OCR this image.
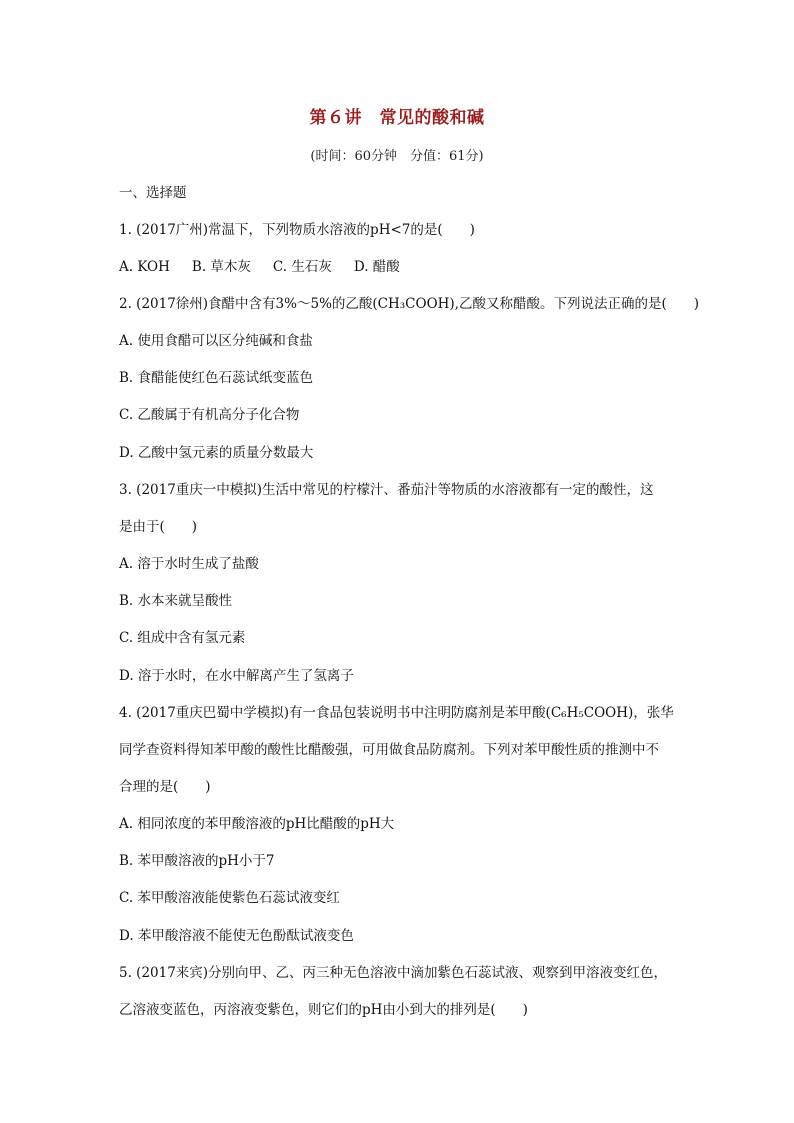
第６讲　常见的酸和碱
(时间：60分钟　分值：61分)
一、选择题
1. (2017广州)常温下，下列物质水溶液的pH<7的是(　　)
A. KOH B. 草木灰 C. 生石灰 D. 醋酸
2. (2017徐州)食醋中含有3%～5%的乙酸(CH₃COOH),乙酸又称醋酸。下列说法正确的是(　　)
A. 使用食醋可以区分纯碱和食盐
B. 食醋能使红色石蕊试纸变蓝色
C. 乙酸属于有机高分子化合物
D. 乙酸中氢元素的质量分数最大
3. (2017重庆一中模拟)生活中常见的柠檬汁、番茄汁等物质的水溶液都有一定的酸性，这
是由于(　　)
A. 溶于水时生成了盐酸
B. 水本来就呈酸性
C. 组成中含有氢元素
D. 溶于水时，在水中解离产生了氢离子
4. (2017重庆巴蜀中学模拟)有一食品包装说明书中注明防腐剂是苯甲酸(C₆H₅COOH)，张华
同学查资料得知苯甲酸的酸性比醋酸强，可用做食品防腐剂。下列对苯甲酸性质的推测中不
合理的是(　　)
A. 相同浓度的苯甲酸溶液的pH比醋酸的pH大
B. 苯甲酸溶液的pH小于7
C. 苯甲酸溶液能使紫色石蕊试液变红
D. 苯甲酸溶液不能使无色酚酞试液变色
5. (2017来宾)分别向甲、乙、丙三种无色溶液中滴加紫色石蕊试液、观察到甲溶液变红色，
乙溶液变蓝色，丙溶液变紫色，则它们的pH由小到大的排列是(　　)
